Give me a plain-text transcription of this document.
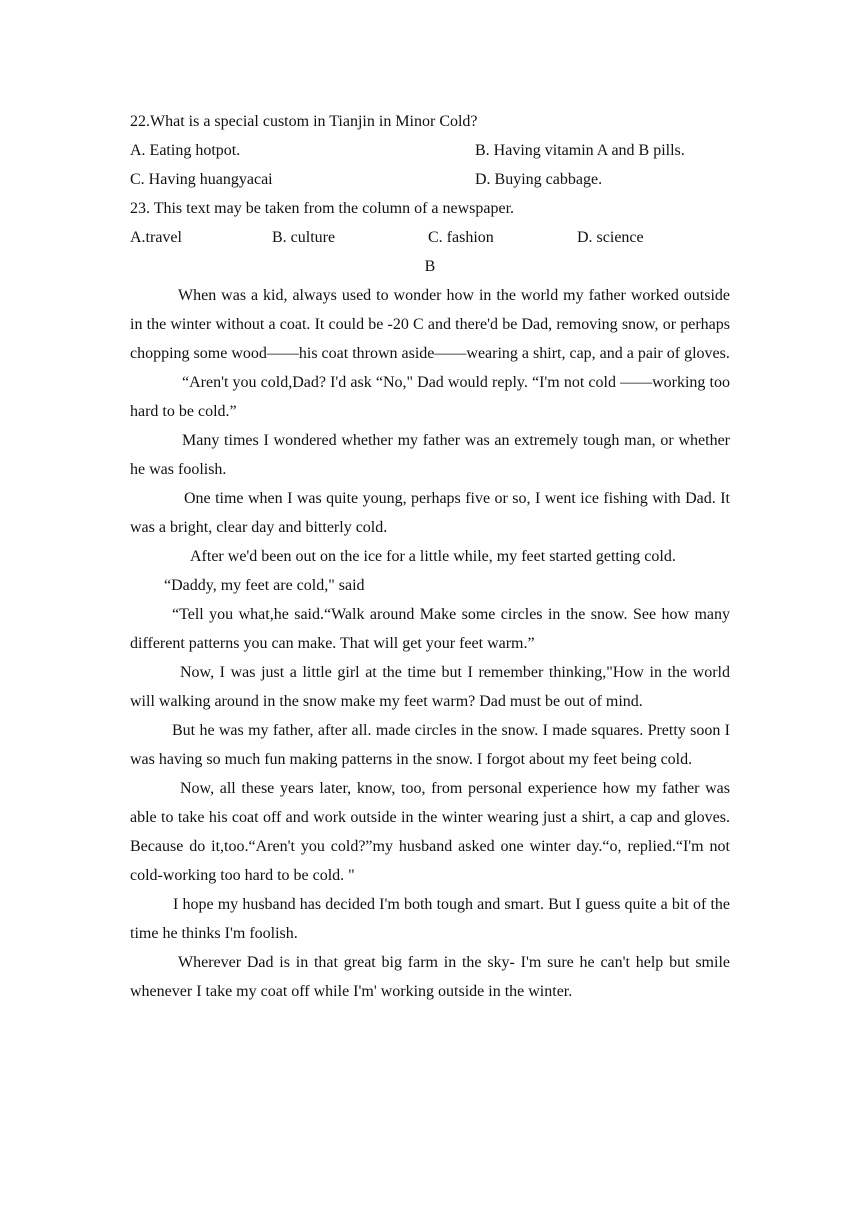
22.What is a special custom in Tianjin in Minor Cold?
A. Eating hotpot.	B. Having vitamin A and B pills.
C. Having huangyacai	D. Buying cabbage.
23. This text may be taken from the column of a newspaper.
A.travel	B. culture	C. fashion	D. science
B

When was a kid, always used to wonder how in the world my father worked outside in the winter without a coat. It could be -20 C and there'd be Dad, removing snow, or perhaps chopping some wood——his coat thrown aside——wearing a shirt, cap, and a pair of gloves.

“Aren't you cold,Dad? I'd ask “No," Dad would reply. “I'm not cold ——working too hard to be cold.”

Many times I wondered whether my father was an extremely tough man, or whether he was foolish.

One time when I was quite young, perhaps five or so, I went ice fishing with Dad. It was a bright, clear day and bitterly cold.

After we'd been out on the ice for a little while, my feet started getting cold.

“Daddy, my feet are cold," said

“Tell you what,he said.“Walk around Make some circles in the snow. See how many different patterns you can make. That will get your feet warm.”

Now, I was just a little girl at the time but I remember thinking,"How in the world will walking around in the snow make my feet warm? Dad must be out of mind.

But he was my father, after all. made circles in the snow. I made squares. Pretty soon I was having so much fun making patterns in the snow. I forgot about my feet being cold.

Now, all these years later, know, too, from personal experience how my father was able to take his coat off and work outside in the winter wearing just a shirt, a cap and gloves. Because do it,too.“Aren't you cold?”my husband asked one winter day.“o, replied.“I'm not cold-working too hard to be cold. "

I hope my husband has decided I'm both tough and smart. But I guess quite a bit of the time he thinks I'm foolish.

Wherever Dad is in that great big farm in the sky- I'm sure he can't help but smile whenever I take my coat off while I'm' working outside in the winter.
